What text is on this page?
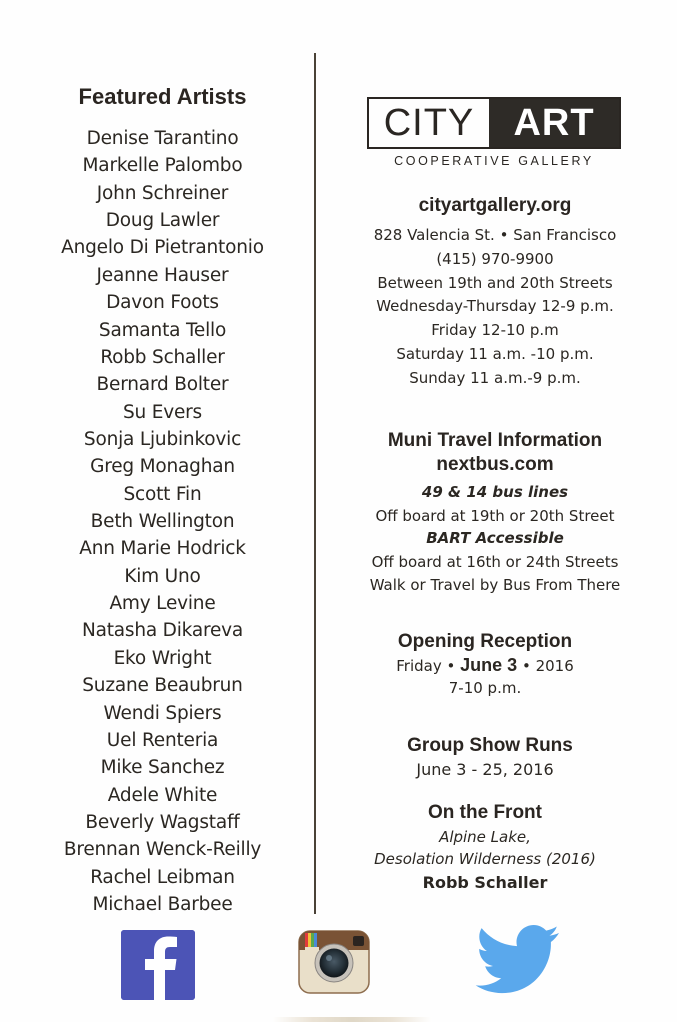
Featured Artists
Denise Tarantino
Markelle Palombo
John Schreiner
Doug Lawler
Angelo Di Pietrantonio
Jeanne Hauser
Davon Foots
Samanta Tello
Robb Schaller
Bernard Bolter
Su Evers
Sonja Ljubinkovic
Greg Monaghan
Scott Fin
Beth Wellington
Ann Marie Hodrick
Kim Uno
Amy Levine
Natasha Dikareva
Eko Wright
Suzane Beaubrun
Wendi Spiers
Uel Renteria
Mike Sanchez
Adele White
Beverly Wagstaff
Brennan Wenck-Reilly
Rachel Leibman
Michael Barbee
CITY	ART
COOPERATIVE GALLERY
cityartgallery.org
828 Valencia St. • San Francisco
(415) 970-9900
Between 19th and 20th Streets
Wednesday-Thursday 12-9 p.m.
Friday 12-10 p.m
Saturday 11 a.m. -10 p.m.
Sunday 11 a.m.-9 p.m.
Muni Travel Information
nextbus.com
49 & 14 bus lines
Off board at 19th or 20th Street
BART Accessible
Off board at 16th or 24th Streets
Walk or Travel by Bus From There
Opening Reception
Friday • June 3 • 2016
7-10 p.m.
Group Show Runs
June 3 - 25, 2016
On the Front
Alpine Lake,
Desolation Wilderness (2016)
Robb Schaller
